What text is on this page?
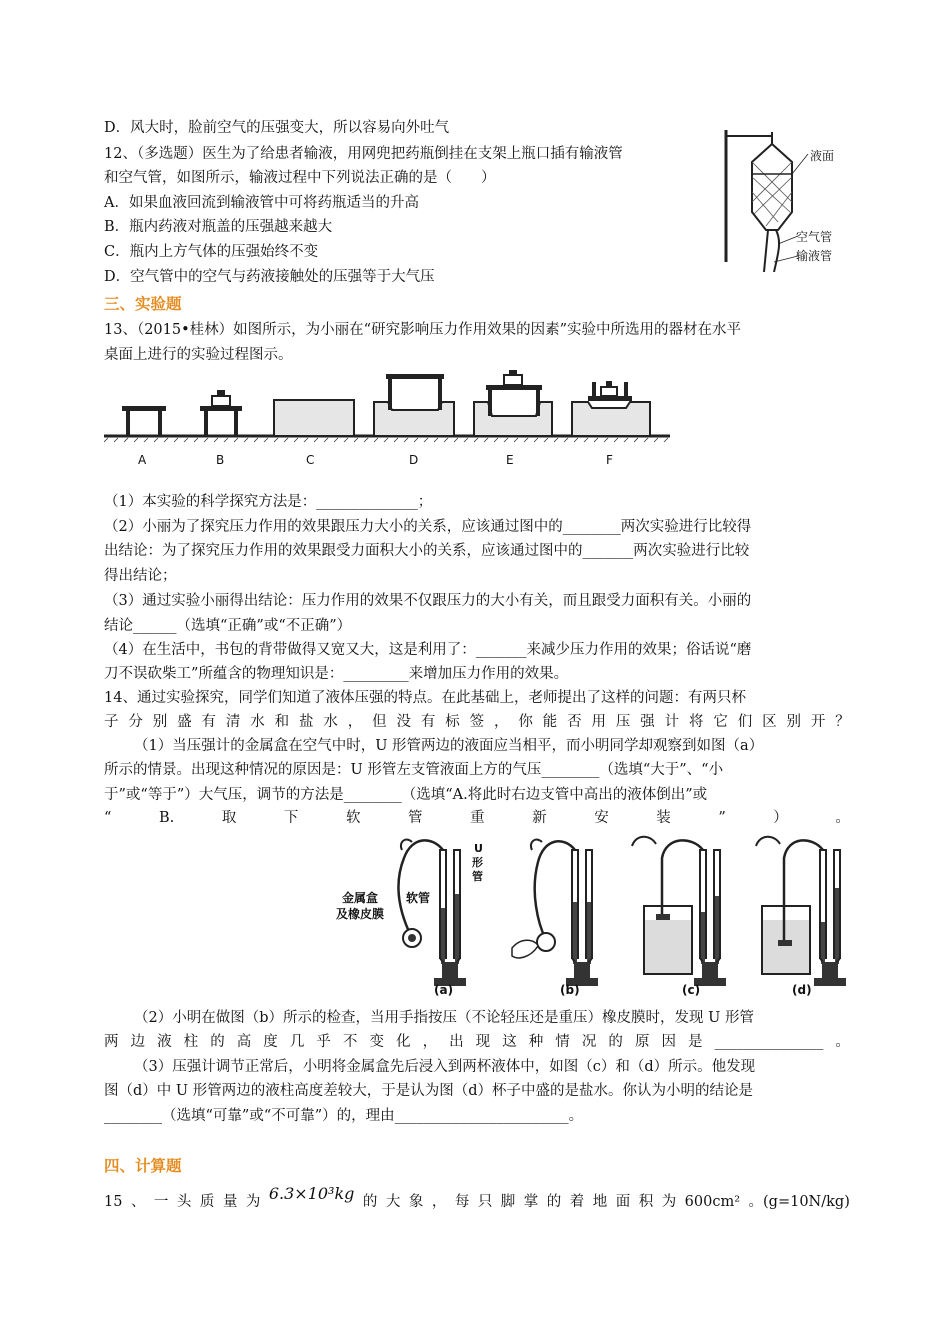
D．风大时，脸前空气的压强变大，所以容易向外吐气
12、（多选题）医生为了给患者输液，用网兜把药瓶倒挂在支架上瓶口插有输液管
和空气管，如图所示，输液过程中下列说法正确的是（　　）
A．如果血液回流到输液管中可将药瓶适当的升高
B．瓶内药液对瓶盖的压强越来越大
C．瓶内上方气体的压强始终不变
D．空气管中的空气与药液接触处的压强等于大气压
液面
空气管
输液管
三、实验题
13、（2015•桂林）如图所示，为小丽在“研究影响压力作用效果的因素”实验中所选用的器材在水平
桌面上进行的实验过程图示。
A	B	C	D	E	F
（1）本实验的科学探究方法是：______________；
（2）小丽为了探究压力作用的效果跟压力大小的关系，应该通过图中的________两次实验进行比较得
出结论：为了探究压力作用的效果跟受力面积大小的关系，应该通过图中的_______两次实验进行比较
得出结论；
（3）通过实验小丽得出结论：压力作用的效果不仅跟压力的大小有关，而且跟受力面积有关。小丽的
结论______（选填“正确”或“不正确”）
（4）在生活中，书包的背带做得又宽又大，这是利用了：_______来减少压力作用的效果；俗话说“磨
刀不误砍柴工”所蕴含的物理知识是：_________来增加压力作用的效果。
14、通过实验探究，同学们知道了液体压强的特点。在此基础上，老师提出了这样的问题：有两只杯
子 分 别 盛 有 清 水 和 盐 水 ， 但 没 有 标 签 ， 你 能 否 用 压 强 计 将 它 们 区 别 开 ？
（1）当压强计的金属盒在空气中时，U 形管两边的液面应当相平，而小明同学却观察到如图（a）
所示的情景。出现这种情况的原因是：U 形管左支管液面上方的气压________（选填“大于”、“小
于”或“等于”）大气压，调节的方法是________（选填“A.将此时右边支管中高出的液体倒出”或
“	B.	取	下	软	管	重	新	安	装	”	）	。
金属盒
及橡皮膜
软管
U
形
管
(a)	(b)	(c)	(d)
（2）小明在做图（b）所示的检查，当用手指按压（不论轻压还是重压）橡皮膜时，发现 U 形管
两 边 液 柱 的 高 度 几 乎 不 变 化 ， 出 现 这 种 情 况 的 原 因 是 _______________ 。
（3）压强计调节正常后，小明将金属盒先后浸入到两杯液体中，如图（c）和（d）所示。他发现
图（d）中 U 形管两边的液柱高度差较大，于是认为图（d）杯子中盛的是盐水。你认为小明的结论是
________（选填“可靠”或“不可靠”）的，理由________________________。
四、计算题
15 、 一 头 质 量 为 6.3×10³kg 的 大 象 ， 每 只 脚 掌 的 着 地 面 积 为 600cm² 。(g=10N/kg)
